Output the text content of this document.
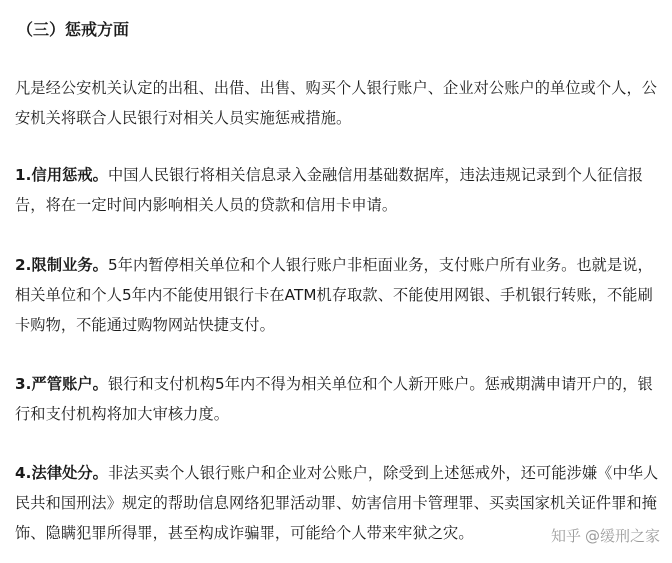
（三）惩戒方面

凡是经公安机关认定的出租、出借、出售、购买个人银行账户、企业对公账户的单位或个人，公安机关将联合人民银行对相关人员实施惩戒措施。

1.信用惩戒。中国人民银行将相关信息录入金融信用基础数据库，违法违规记录到个人征信报告，将在一定时间内影响相关人员的贷款和信用卡申请。

2.限制业务。5年内暂停相关单位和个人银行账户非柜面业务，支付账户所有业务。也就是说，相关单位和个人5年内不能使用银行卡在ATM机存取款、不能使用网银、手机银行转账，不能刷卡购物，不能通过购物网站快捷支付。

3.严管账户。银行和支付机构5年内不得为相关单位和个人新开账户。惩戒期满申请开户的，银行和支付机构将加大审核力度。

4.法律处分。非法买卖个人银行账户和企业对公账户，除受到上述惩戒外，还可能涉嫌《中华人民共和国刑法》规定的帮助信息网络犯罪活动罪、妨害信用卡管理罪、买卖国家机关证件罪和掩饰、隐瞒犯罪所得罪，甚至构成诈骗罪，可能给个人带来牢狱之灾。	知乎 @缓刑之家
